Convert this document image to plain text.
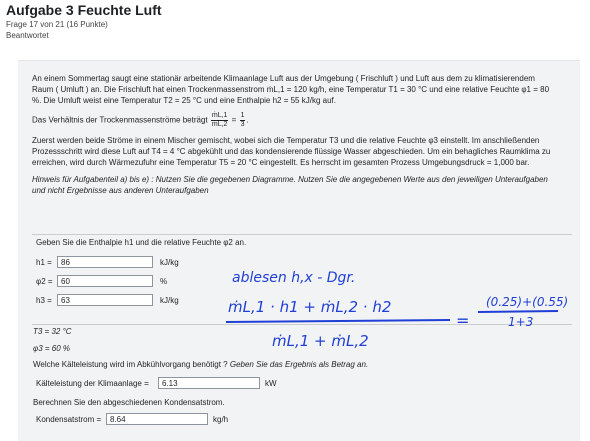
Aufgabe 3 Feuchte Luft
Frage 17 von 21 (16 Punkte)
Beantwortet

An einem Sommertag saugt eine stationär arbeitende Klimaanlage Luft aus der Umgebung ( Frischluft ) und Luft aus dem zu klimatisierendem Raum ( Umluft ) an. Die Frischluft hat einen Trockenmassenstrom ṁL,1 = 120 kg/h, eine Temperatur T1 = 30 °C und eine relative Feuchte φ1 = 80 %. Die Umluft weist eine Temperatur T2 = 25 °C und eine Enthalpie h2 = 55 kJ/kg auf.

Das Verhältnis der Trockenmassenströme beträgt $\frac{\text{ṁL,1}}{\text{ṁL,2}} = \frac{1}{3}$ .

Zuerst werden beide Ströme in einem Mischer gemischt, wobei sich die Temperatur T3 und die relative Feuchte φ3 einstellt. Im anschließenden Prozessschritt wird diese Luft auf T4 = 4 °C abgekühlt und das kondensierende flüssige Wasser abgeschieden. Um ein behagliches Raumklima zu erreichen, wird durch Wärmezufuhr eine Temperatur T5 = 20 °C eingestellt. Es herrscht im gesamten Prozess Umgebungsdruck = 1,000 bar.

Hinweis für Aufgabenteil a) bis e) : Nutzen Sie die gegebenen Diagramme. Nutzen Sie die angegebenen Werte aus den jeweiligen Unteraufgaben und nicht Ergebnisse aus anderen Unteraufgaben

Geben Sie die Enthalpie h1 und die relative Feuchte φ2 an.
h1 =	86	kJ/kg
φ2 =	60	%
h3 =	63	kJ/kg
T3 = 32 °C
φ3 = 60 %
Welche Kälteleistung wird im Abkühlvorgang benötigt ? Geben Sie das Ergebnis als Betrag an.
Kälteleistung der Klimaanlage =	6.13	kW
Berechnen Sie den abgeschiedenen Kondensatstrom.
Kondensatstrom =	8.64	kg/h
ablesen h,x - Dgr.
ṁL,1 · h1 + ṁL,2 · h2
ṁL,1 + ṁL,2
=
(0.25)+(0.55)
1+3
